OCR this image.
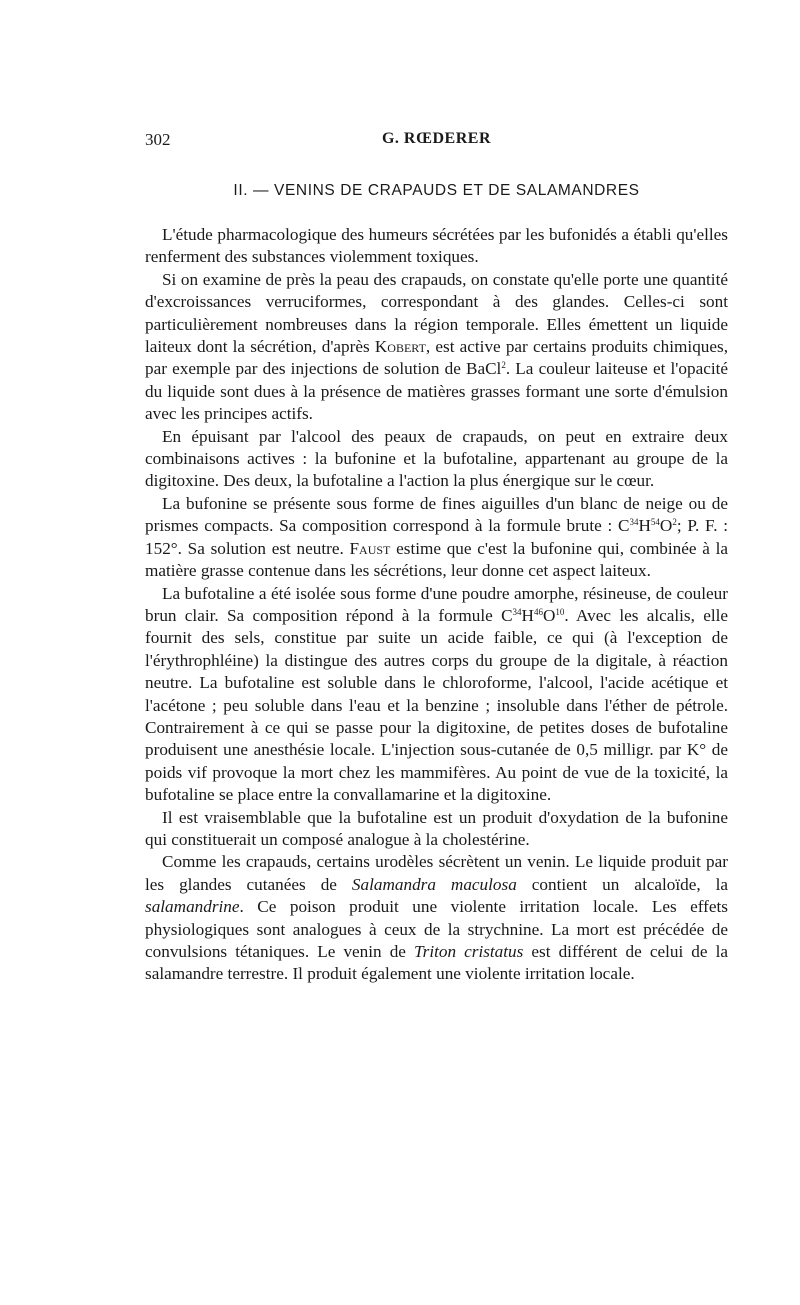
302	G. RŒDERER
II. — VENINS DE CRAPAUDS ET DE SALAMANDRES

L'étude pharmacologique des humeurs sécrétées par les bufonidés a établi qu'elles renferment des substances violemment toxiques.

Si on examine de près la peau des crapauds, on constate qu'elle porte une quantité d'excroissances verruciformes, correspondant à des glandes. Celles-ci sont particulièrement nombreuses dans la région temporale. Elles émettent un liquide laiteux dont la sécrétion, d'après Kobert, est active par certains produits chimiques, par exemple par des injections de solution de BaCl$^2$. La couleur laiteuse et l'opacité du liquide sont dues à la présence de matières grasses formant une sorte d'émulsion avec les principes actifs.

En épuisant par l'alcool des peaux de crapauds, on peut en extraire deux combinaisons actives : la bufonine et la bufotaline, appartenant au groupe de la digitoxine. Des deux, la bufotaline a l'action la plus énergique sur le cœur.

La bufonine se présente sous forme de fines aiguilles d'un blanc de neige ou de prismes compacts. Sa composition correspond à la formule brute : $C^{34}H^{54}O^2$; P. F. : 152°. Sa solution est neutre. Faust estime que c'est la bufonine qui, combinée à la matière grasse contenue dans les sécrétions, leur donne cet aspect laiteux.

La bufotaline a été isolée sous forme d'une poudre amorphe, résineuse, de couleur brun clair. Sa composition répond à la formule $C^{34}H^{46}O^{10}$. Avec les alcalis, elle fournit des sels, constitue par suite un acide faible, ce qui (à l'exception de l'érythrophléine) la distingue des autres corps du groupe de la digitale, à réaction neutre. La bufotaline est soluble dans le chloroforme, l'alcool, l'acide acétique et l'acétone ; peu soluble dans l'eau et la benzine ; insoluble dans l'éther de pétrole. Contrairement à ce qui se passe pour la digitoxine, de petites doses de bufotaline produisent une anesthésie locale. L'injection sous-cutanée de 0,5 milligr. par K° de poids vif provoque la mort chez les mammifères. Au point de vue de la toxicité, la bufotaline se place entre la convallamarine et la digitoxine.

Il est vraisemblable que la bufotaline est un produit d'oxydation de la bufonine qui constituerait un composé analogue à la cholestérine.

Comme les crapauds, certains urodèles sécrètent un venin. Le liquide produit par les glandes cutanées de Salamandra maculosa contient un alcaloïde, la salamandrine. Ce poison produit une violente irritation locale. Les effets physiologiques sont analogues à ceux de la strychnine. La mort est précédée de convulsions tétaniques. Le venin de Triton cristatus est différent de celui de la salamandre terrestre. Il produit également une violente irritation locale.
